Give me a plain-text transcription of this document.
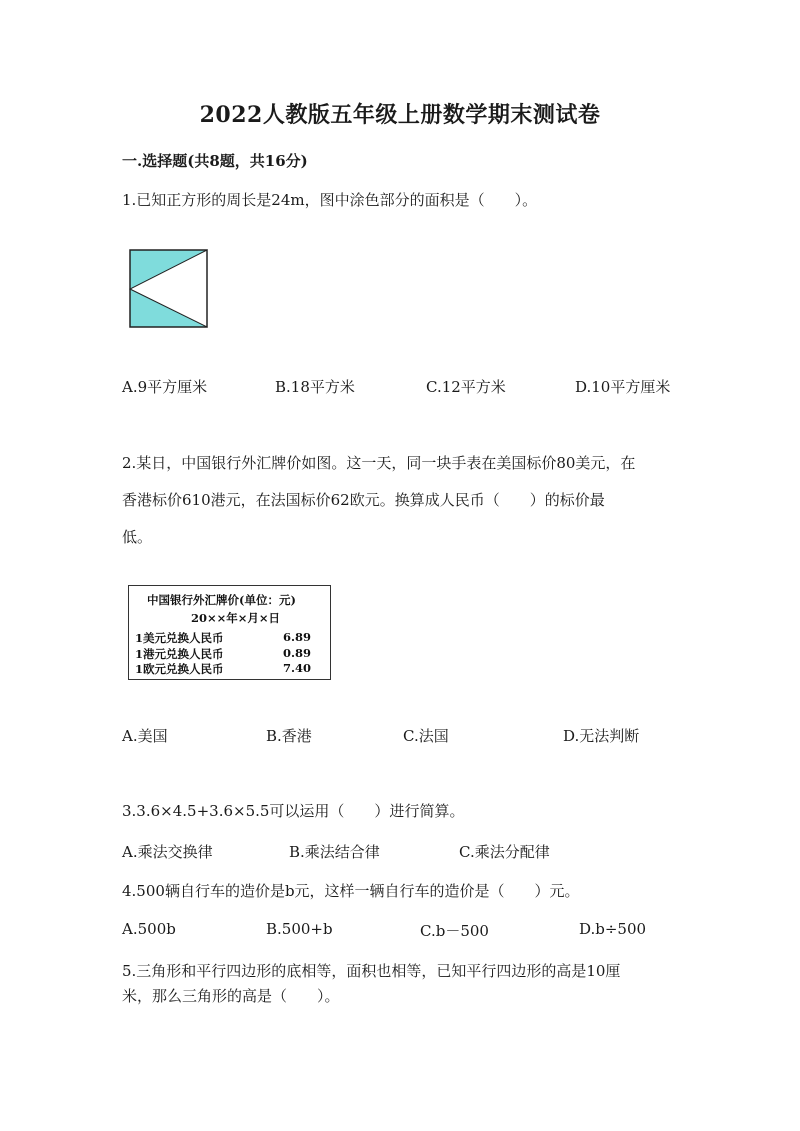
2022人教版五年级上册数学期末测试卷
一.选择题(共8题，共16分)
1.已知正方形的周长是24m，图中涂色部分的面积是（　　）。
A.9平方厘米	B.18平方米	C.12平方米	D.10平方厘米
2.某日，中国银行外汇牌价如图。这一天，同一块手表在美国标价80美元，在
香港标价610港元，在法国标价62欧元。换算成人民币（　　）的标价最
低。
中国银行外汇牌价(单位：元)
20××年×月×日
1美元兑换人民币	6.89
1港元兑换人民币	0.89
1欧元兑换人民币	7.40
A.美国	B.香港	C.法国	D.无法判断
3.3.6×4.5+3.6×5.5可以运用（　　）进行简算。
A.乘法交换律	B.乘法结合律	C.乘法分配律
4.500辆自行车的造价是b元，这样一辆自行车的造价是（　　）元。
A.500b	B.500+b	C.b－500	D.b÷500
5.三角形和平行四边形的底相等，面积也相等，已知平行四边形的高是10厘
米，那么三角形的高是（　　）。
